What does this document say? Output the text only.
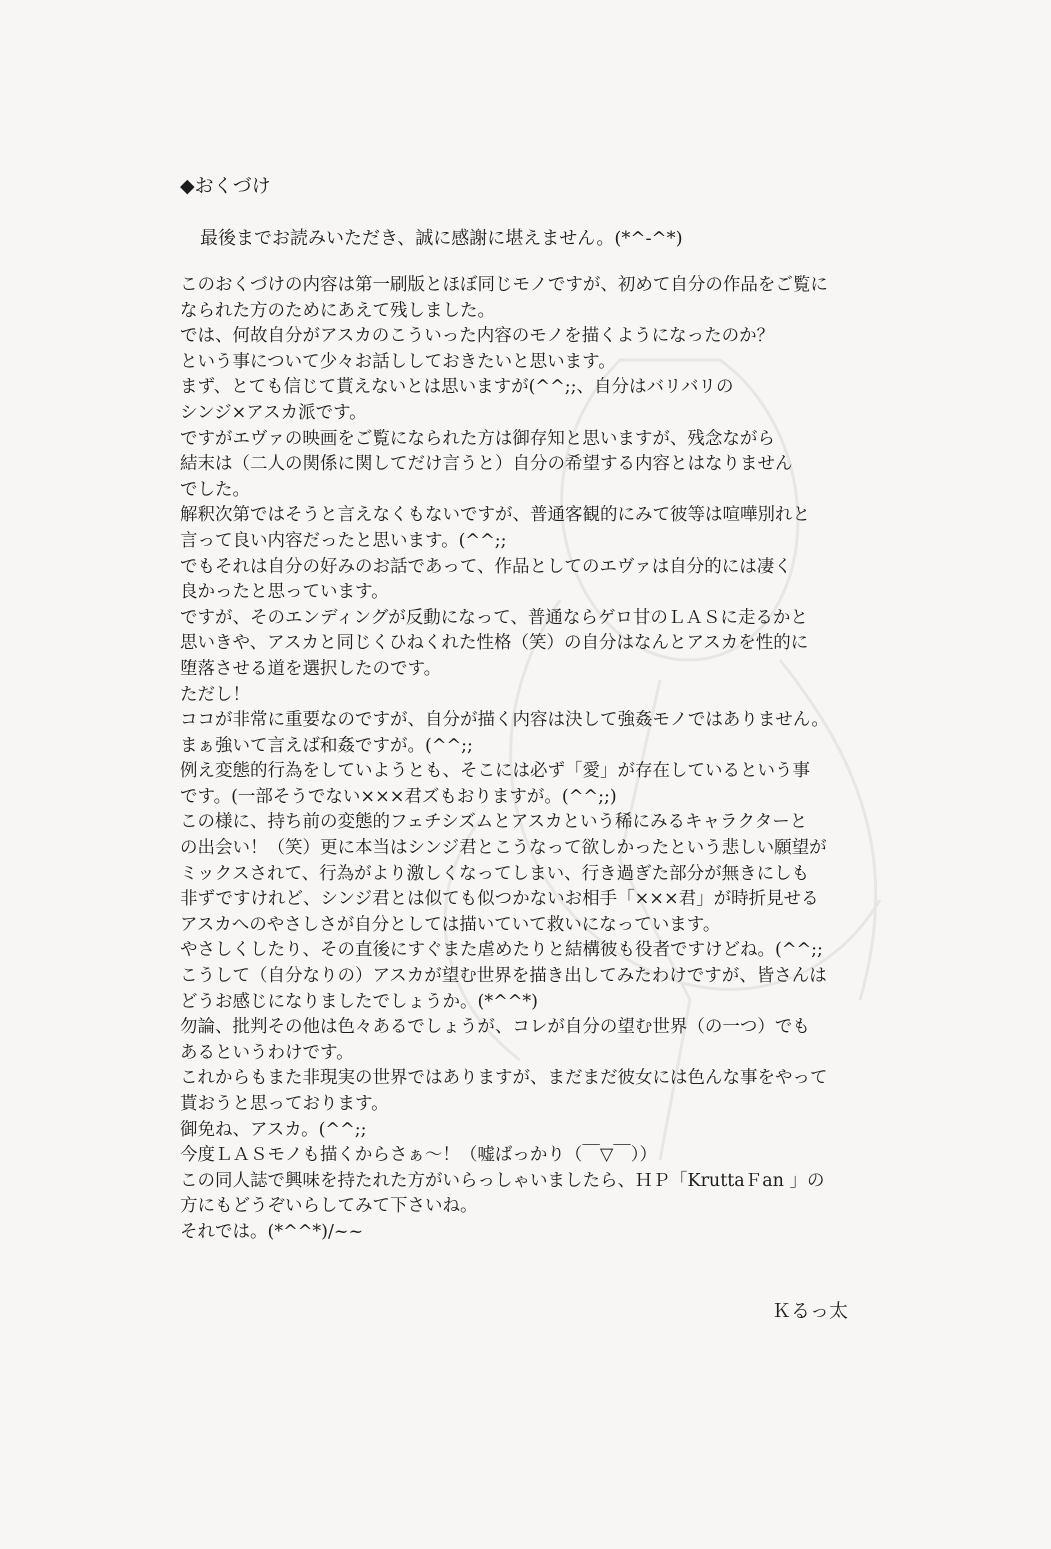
◆おくづけ
最後までお読みいただき、誠に感謝に堪えません。(*^-^*)
このおくづけの内容は第一刷版とほぼ同じモノですが、初めて自分の作品をご覧に
なられた方のためにあえて残しました。
では、何故自分がアスカのこういった内容のモノを描くようになったのか？
という事について少々お話ししておきたいと思います。
まず、とても信じて貰えないとは思いますが(^^;;、自分はバリバリの
シンジ×アスカ派です。
ですがエヴァの映画をご覧になられた方は御存知と思いますが、残念ながら
結末は（二人の関係に関してだけ言うと）自分の希望する内容とはなりません
でした。
解釈次第ではそうと言えなくもないですが、普通客観的にみて彼等は喧嘩別れと
言って良い内容だったと思います。(^^;;
でもそれは自分の好みのお話であって、作品としてのエヴァは自分的には凄く
良かったと思っています。
ですが、そのエンディングが反動になって、普通ならゲロ甘のＬＡＳに走るかと
思いきや、アスカと同じくひねくれた性格（笑）の自分はなんとアスカを性的に
堕落させる道を選択したのです。
ただし！
ココが非常に重要なのですが、自分が描く内容は決して強姦モノではありません。
まぁ強いて言えば和姦ですが。(^^;;
例え変態的行為をしていようとも、そこには必ず「愛」が存在しているという事
です。(一部そうでない×××君ズもおりますが。(^^;;)
この様に、持ち前の変態的フェチシズムとアスカという稀にみるキャラクターと
の出会い！（笑）更に本当はシンジ君とこうなって欲しかったという悲しい願望が
ミックスされて、行為がより激しくなってしまい、行き過ぎた部分が無きにしも
非ずですけれど、シンジ君とは似ても似つかないお相手「×××君」が時折見せる
アスカへのやさしさが自分としては描いていて救いになっています。
やさしくしたり、その直後にすぐまた虐めたりと結構彼も役者ですけどね。(^^;;
こうして（自分なりの）アスカが望む世界を描き出してみたわけですが、皆さんは
どうお感じになりましたでしょうか。(*^^*)
勿論、批判その他は色々あるでしょうが、コレが自分の望む世界（の一つ）でも
あるというわけです。
これからもまた非現実の世界ではありますが、まだまだ彼女には色んな事をやって
貰おうと思っております。
御免ね、アスカ。(^^;;
今度ＬＡＳモノも描くからさぁ～！（嘘ばっかり（￣▽￣））
この同人誌で興味を持たれた方がいらっしゃいましたら、ＨＰ「KruttaＦan 」の
方にもどうぞいらしてみて下さいね。
それでは。(*^^*)/~~
Ｋるっ太
